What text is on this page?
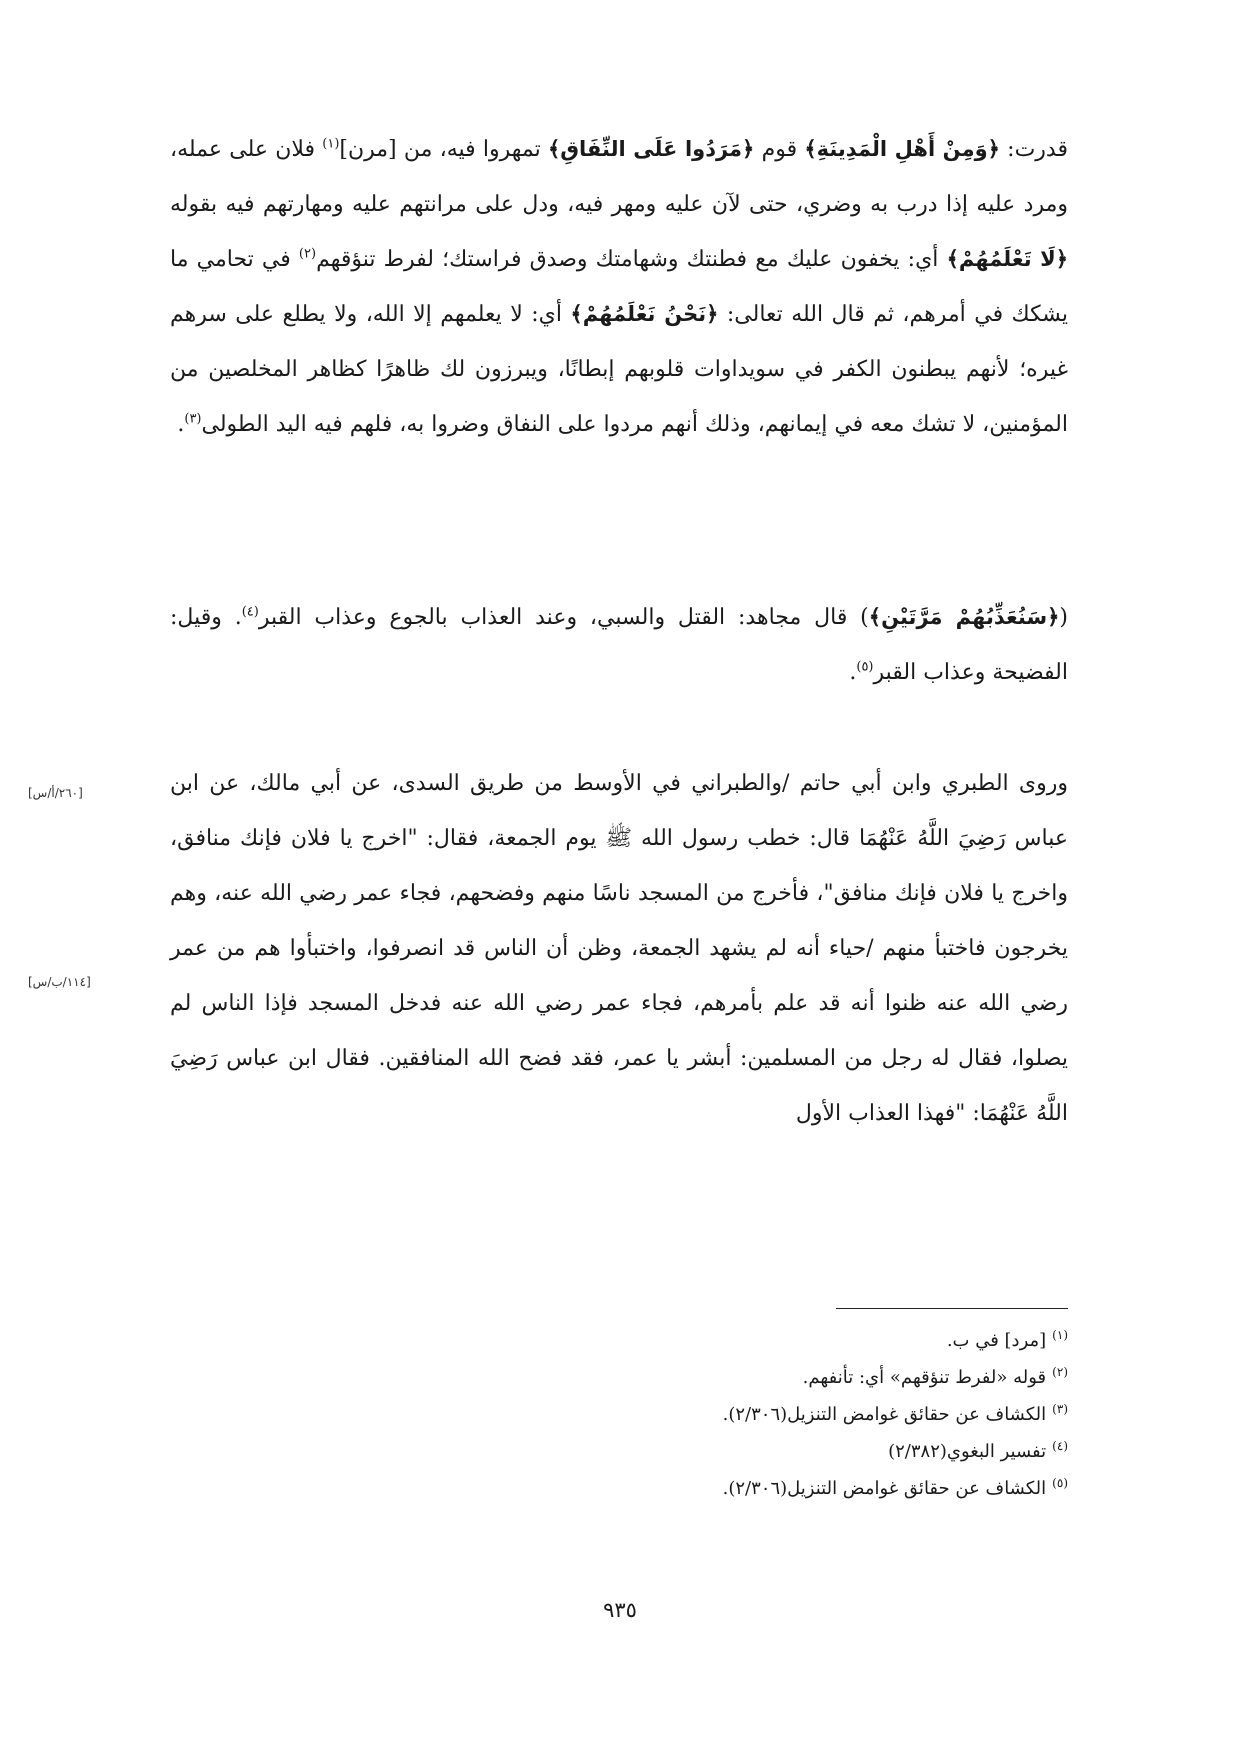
قدرت: ﴿وَمِنْ أَهْلِ الْمَدِينَةِ﴾ قوم ﴿مَرَدُوا عَلَى النِّفَاقِ﴾ تمهروا فيه، من [مرن]$^{(١)}$ فلان على عمله، ومرد عليه إذا درب به وضري، حتى لآن عليه ومهر فيه، ودل على مرانتهم عليه ومهارتهم فيه بقوله ﴿لَا تَعْلَمُهُمْ﴾ أي: يخفون عليك مع فطنتك وشهامتك وصدق فراستك؛ لفرط تنؤقهم$^{(٢)}$ في تحامي ما يشكك في أمرهم، ثم قال الله تعالى: ﴿نَحْنُ نَعْلَمُهُمْ﴾ أي: لا يعلمهم إلا الله، ولا يطلع على سرهم غيره؛ لأنهم يبطنون الكفر في سويداوات قلوبهم إبطانًا، ويبرزون لك ظاهرًا كظاهر المخلصين من المؤمنين، لا تشك معه في إيمانهم، وذلك أنهم مردوا على النفاق وضروا به، فلهم فيه اليد الطولى$^{(٣)}$.

(﴿سَنُعَذِّبُهُمْ مَرَّتَيْنِ﴾) قال مجاهد: القتل والسبي، وعند العذاب بالجوع وعذاب القبر$^{(٤)}$. وقيل: الفضيحة وعذاب القبر$^{(٥)}$.

وروى الطبري وابن أبي حاتم /والطبراني في الأوسط من طريق السدى، عن أبي مالك، عن ابن عباس رَضِيَ اللَّهُ عَنْهُمَا قال: خطب رسول الله ﷺ يوم الجمعة، فقال: "اخرج يا فلان فإنك منافق، واخرج يا فلان فإنك منافق"، فأخرج من المسجد ناسًا منهم وفضحهم، فجاء عمر رضي الله عنه، وهم يخرجون فاختبأ منهم /حياء أنه لم يشهد الجمعة، وظن أن الناس قد انصرفوا، واختبأوا هم من عمر رضي الله عنه ظنوا أنه قد علم بأمرهم، فجاء عمر رضي الله عنه فدخل المسجد فإذا الناس لم يصلوا، فقال له رجل من المسلمين: أبشر يا عمر، فقد فضح الله المنافقين. فقال ابن عباس رَضِيَ اللَّهُ عَنْهُمَا: "فهذا العذاب الأول

[٢٦٠/أ/س]
[١١٤/ب/س]

$^{(١)}$[مرد] في ب.

$^{(٢)}$قوله «لفرط تنؤقهم» أي: تأنفهم.

$^{(٣)}$الكشاف عن حقائق غوامض التنزيل(٢/٣٠٦).

$^{(٤)}$تفسير البغوي(٢/٣٨٢)

$^{(٥)}$الكشاف عن حقائق غوامض التنزيل(٢/٣٠٦).

٩٣٥
